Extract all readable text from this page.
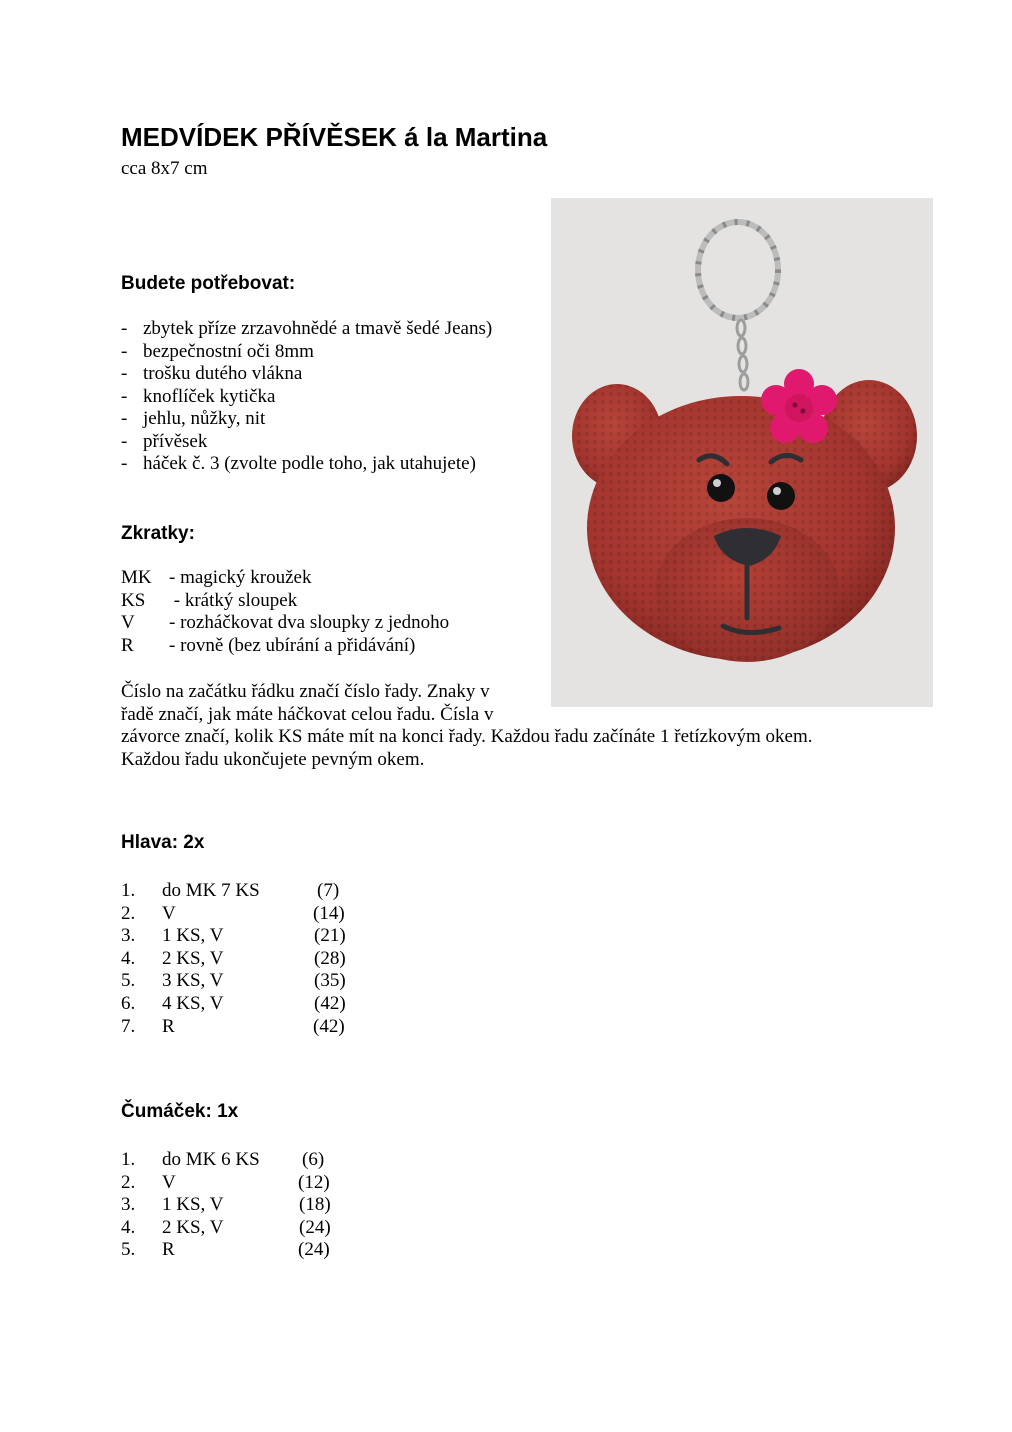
MEDVÍDEK PŘÍVĚSEK á la Martina
cca 8x7 cm
Budete potřebovat:
- zbytek příze zrzavohnědé a tmavě šedé Jeans)
- bezpečnostní oči 8mm
- trošku dutého vlákna
- knoflíček kytička
- jehlu, nůžky, nit
- přívěsek
- háček č. 3 (zvolte podle toho, jak utahujete)
Zkratky:
MK - magický kroužek
KS - krátký sloupek
V - rozháčkovat dva sloupky z jednoho
R - rovně (bez ubírání a přidávání)
Číslo na začátku řádku značí číslo řady. Znaky v
řadě značí, jak máte háčkovat celou řadu. Čísla v
závorce značí, kolik KS máte mít na konci řady. Každou řadu začínáte 1 řetízkovým okem.
Každou řadu ukončujete pevným okem.
Hlava: 2x
1. do MK 7 KS	(7)
2. V	(14)
3. 1 KS, V	(21)
4. 2 KS, V	(28)
5. 3 KS, V	(35)
6. 4 KS, V	(42)
7. R	(42)
Čumáček: 1x
1. do MK 6 KS (6)
2. V	(12)
3. 1 KS, V	(18)
4. 2 KS, V	(24)
5. R	(24)
